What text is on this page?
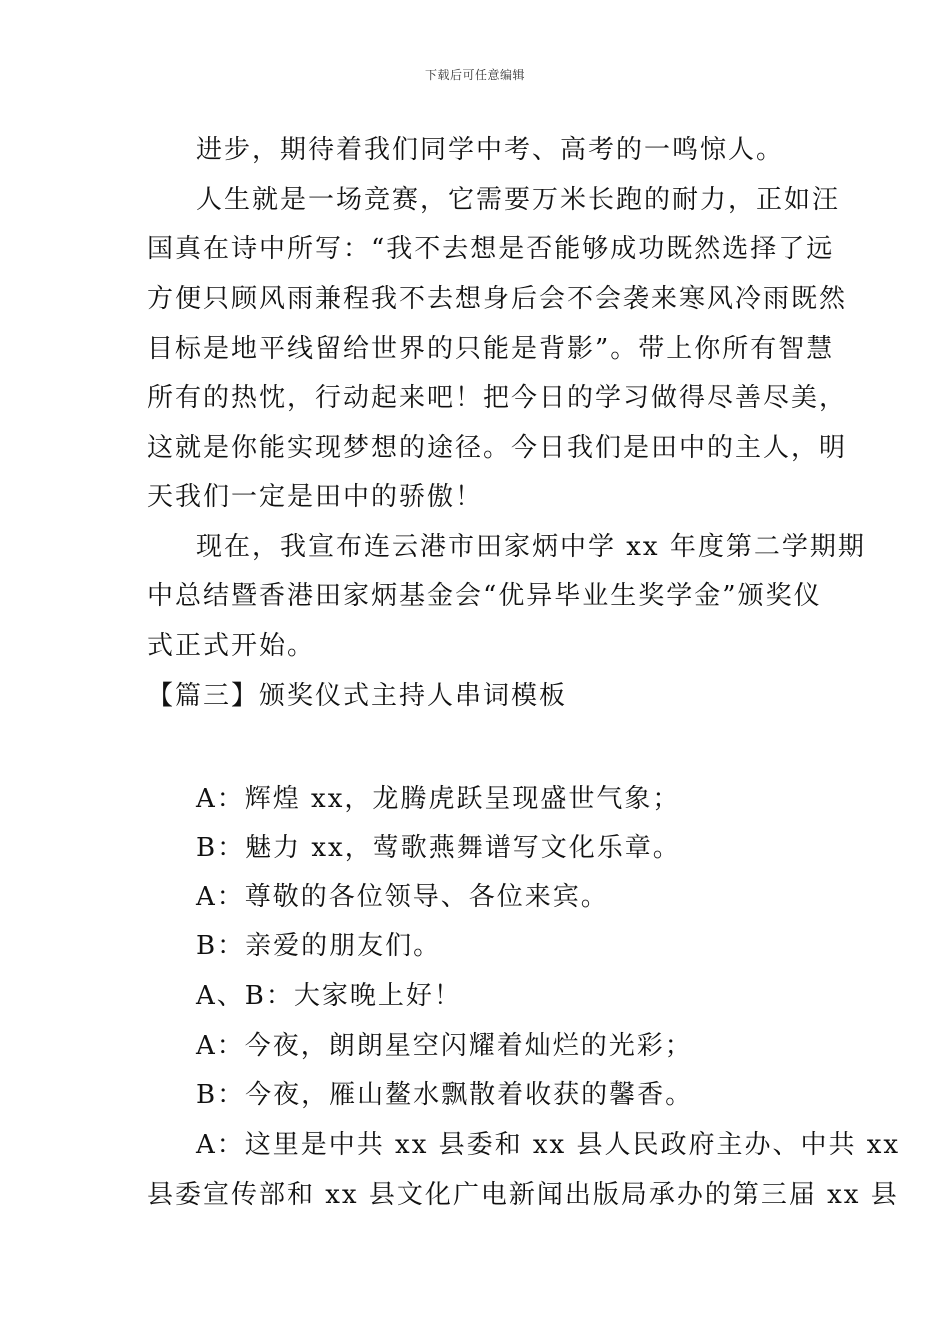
下载后可任意编辑
进步，期待着我们同学中考、高考的一鸣惊人。
人生就是一场竞赛，它需要万米长跑的耐力，正如汪
国真在诗中所写：“我不去想是否能够成功既然选择了远
方便只顾风雨兼程我不去想身后会不会袭来寒风冷雨既然
目标是地平线留给世界的只能是背影”。带上你所有智慧
所有的热忱，行动起来吧！把今日的学习做得尽善尽美，
这就是你能实现梦想的途径。今日我们是田中的主人，明
天我们一定是田中的骄傲！
现在，我宣布连云港市田家炳中学 xx 年度第二学期期
中总结暨香港田家炳基金会“优异毕业生奖学金”颁奖仪
式正式开始。
【篇三】颁奖仪式主持人串词模板
A：辉煌 xx，龙腾虎跃呈现盛世气象；
B：魅力 xx，莺歌燕舞谱写文化乐章。
A：尊敬的各位领导、各位来宾。
B：亲爱的朋友们。
A、B：大家晚上好！
A：今夜，朗朗星空闪耀着灿烂的光彩；
B：今夜，雁山鳌水飘散着收获的馨香。
A：这里是中共 xx 县委和 xx 县人民政府主办、中共 xx
县委宣传部和 xx 县文化广电新闻出版局承办的第三届 xx 县
